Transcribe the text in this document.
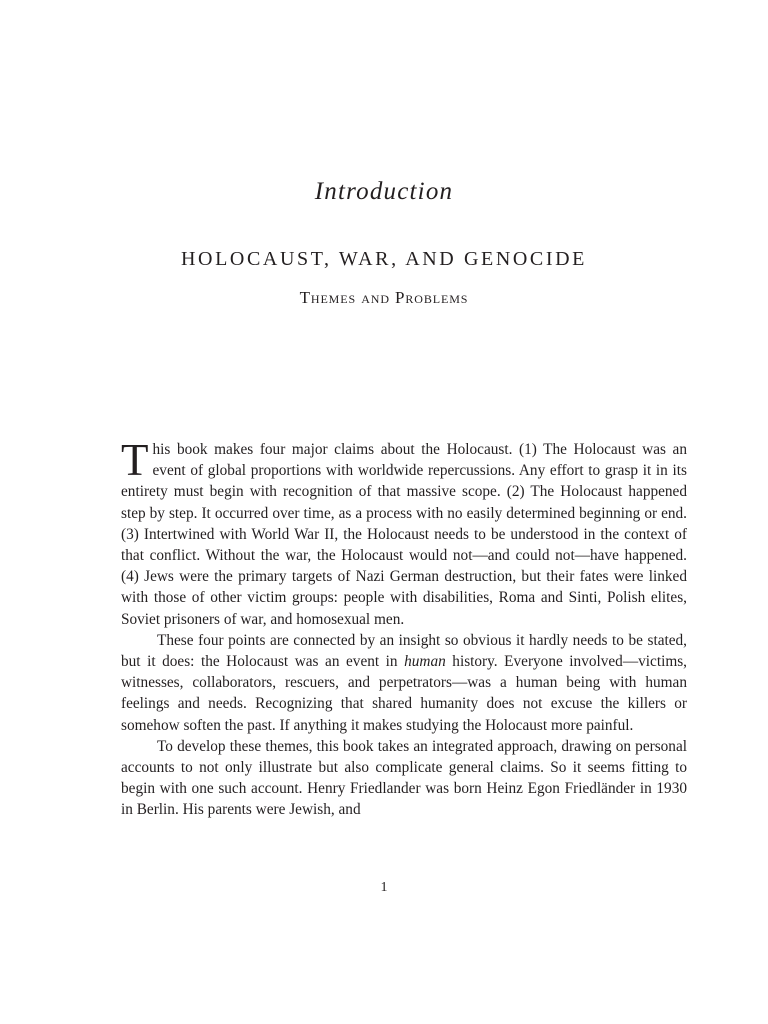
Introduction
HOLOCAUST, WAR, AND GENOCIDE
Themes and Problems

This book makes four major claims about the Holocaust. (1) The Holocaust was an event of global proportions with worldwide repercussions. Any effort to grasp it in its entirety must begin with recognition of that massive scope. (2) The Holocaust happened step by step. It occurred over time, as a process with no easily determined beginning or end. (3) Intertwined with World War II, the Holocaust needs to be understood in the context of that conflict. Without the war, the Holocaust would not—and could not—have happened. (4) Jews were the primary targets of Nazi German destruction, but their fates were linked with those of other victim groups: people with disabilities, Roma and Sinti, Polish elites, Soviet prisoners of war, and homosexual men.

These four points are connected by an insight so obvious it hardly needs to be stated, but it does: the Holocaust was an event in human history. Everyone involved—victims, witnesses, collaborators, rescuers, and perpetrators—was a human being with human feelings and needs. Recognizing that shared humanity does not excuse the killers or somehow soften the past. If anything it makes studying the Holocaust more painful.

To develop these themes, this book takes an integrated approach, drawing on personal accounts to not only illustrate but also complicate general claims. So it seems fitting to begin with one such account. Henry Friedlander was born Heinz Egon Friedländer in 1930 in Berlin. His parents were Jewish, and

1
